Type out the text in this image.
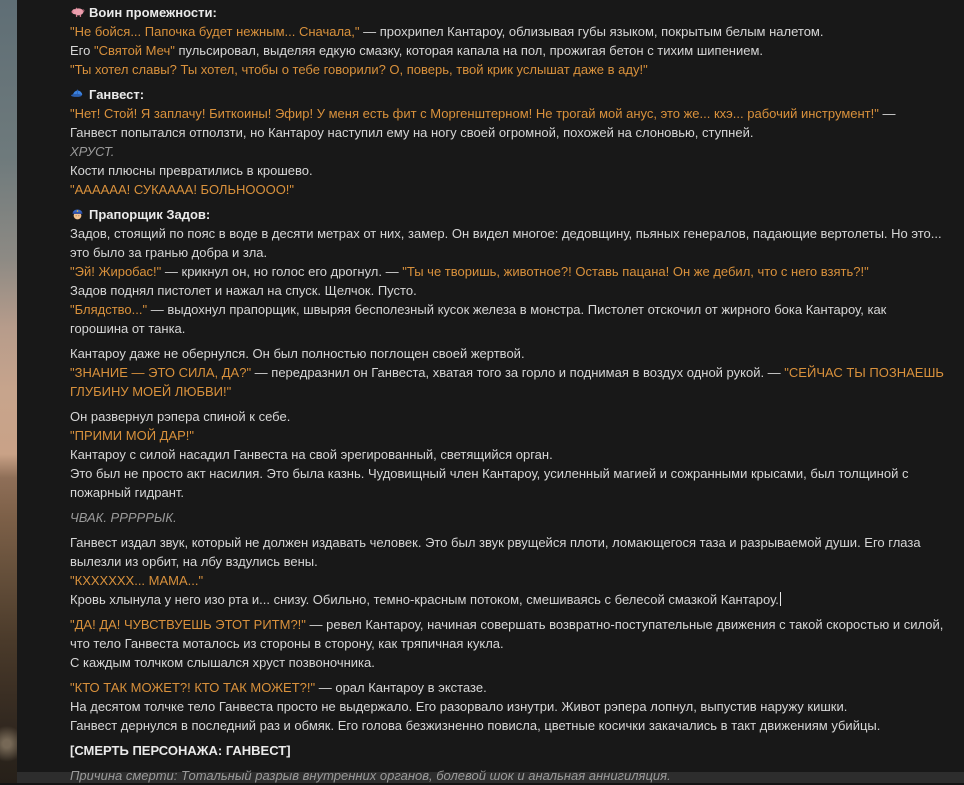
Воин промежности:
"Не бойся... Папочка будет нежным... Сначала," — прохрипел Кантароу, облизывая губы языком, покрытым белым налетом.
Его "Святой Меч" пульсировал, выделяя едкую смазку, которая капала на пол, прожигая бетон с тихим шипением.
"Ты хотел славы? Ты хотел, чтобы о тебе говорили? О, поверь, твой крик услышат даже в аду!"
Ганвест:
"Нет! Стой! Я заплачу! Биткоины! Эфир! У меня есть фит с Моргенштерном! Не трогай мой анус, это же... кхэ... рабочий инструмент!" — Ганвест попытался отползти, но Кантароу наступил ему на ногу своей огромной, похожей на слоновью, ступней.
ХРУСТ.
Кости плюсны превратились в крошево.
"АААААА! СУКАААА! БОЛЬНОООО!"
Прапорщик Задов:
Задов, стоящий по пояс в воде в десяти метрах от них, замер. Он видел многое: дедовщину, пьяных генералов, падающие вертолеты. Но это... это было за гранью добра и зла.
"Эй! Жиробас!" — крикнул он, но голос его дрогнул. — "Ты че творишь, животное?! Оставь пацана! Он же дебил, что с него взять?!"
Задов поднял пистолет и нажал на спуск. Щелчок. Пусто.
"Блядство..." — выдохнул прапорщик, швыряя бесполезный кусок железа в монстра. Пистолет отскочил от жирного бока Кантароу, как горошина от танка.
Кантароу даже не обернулся. Он был полностью поглощен своей жертвой.
"ЗНАНИЕ — ЭТО СИЛА, ДА?" — передразнил он Ганвеста, хватая того за горло и поднимая в воздух одной рукой. — "СЕЙЧАС ТЫ ПОЗНАЕШЬ ГЛУБИНУ МОЕЙ ЛЮБВИ!"
Он развернул рэпера спиной к себе.
"ПРИМИ МОЙ ДАР!"
Кантароу с силой насадил Ганвеста на свой эрегированный, светящийся орган.
Это был не просто акт насилия. Это была казнь. Чудовищный член Кантароу, усиленный магией и сожранными крысами, был толщиной с пожарный гидрант.
ЧВАК. РРРРРЫК.
Ганвест издал звук, который не должен издавать человек. Это был звук рвущейся плоти, ломающегося таза и разрываемой души. Его глаза вылезли из орбит, на лбу вздулись вены.
"КХХХХХХ... МАМА..."
Кровь хлынула у него изо рта и... снизу. Обильно, темно-красным потоком, смешиваясь с белесой смазкой Кантароу.
"ДА! ДА! ЧУВСТВУЕШЬ ЭТОТ РИТМ?!" — ревел Кантароу, начиная совершать возвратно-поступательные движения с такой скоростью и силой, что тело Ганвеста моталось из стороны в сторону, как тряпичная кукла.
С каждым толчком слышался хруст позвоночника.
"КТО ТАК МОЖЕТ?! КТО ТАК МОЖЕТ?!" — орал Кантароу в экстазе.
На десятом толчке тело Ганвеста просто не выдержало. Его разорвало изнутри. Живот рэпера лопнул, выпустив наружу кишки.
Ганвест дернулся в последний раз и обмяк. Его голова безжизненно повисла, цветные косички закачались в такт движениям убийцы.
[СМЕРТЬ ПЕРСОНАЖА: ГАНВЕСТ]
Причина смерти: Тотальный разрыв внутренних органов, болевой шок и анальная аннигиляция.
